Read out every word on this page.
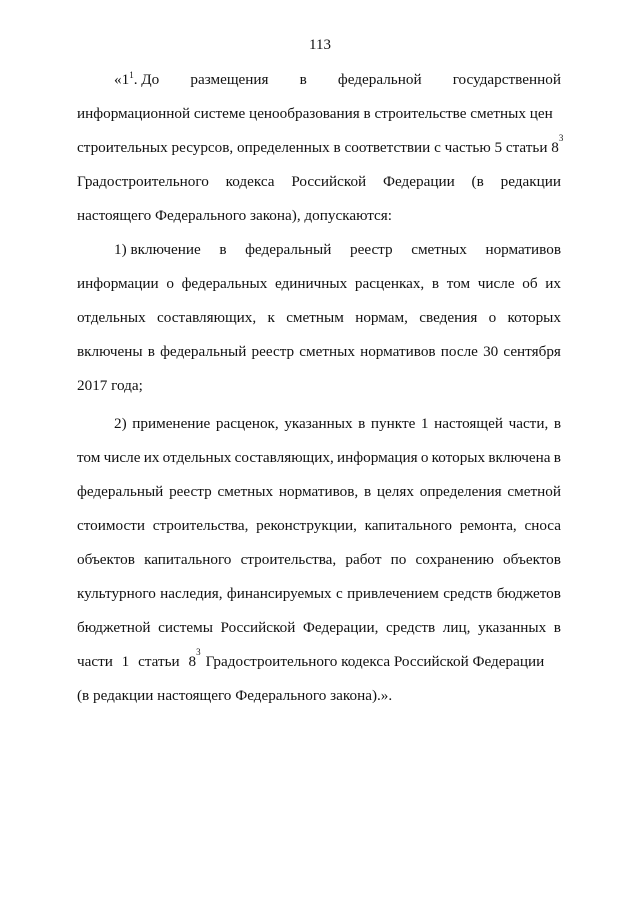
113
«$1^1$. До размещения в федеральной государственной
информационной системе ценообразования в строительстве сметных цен
строительных ресурсов, определенных в соответствии с частью 5 статьи 8
3
Градостроительного кодекса Российской Федерации (в редакции
настоящего Федерального закона), допускаются:
1) включение в федеральный реестр сметных нормативов
информации о федеральных единичных расценках, в том числе об их
отдельных составляющих, к сметным нормам, сведения о которых
включены в федеральный реестр сметных нормативов после 30 сентября
2017 года;
2) применение расценок, указанных в пункте 1 настоящей части, в
том числе их отдельных составляющих, информация о которых включена в
федеральный реестр сметных нормативов, в целях определения сметной
стоимости строительства, реконструкции, капитального ремонта, сноса
объектов капитального строительства, работ по сохранению объектов
культурного наследия, финансируемых с привлечением средств бюджетов
бюджетной системы Российской Федерации, средств лиц, указанных в
части 1 статьи 8
3
Градостроительного кодекса Российской Федерации
(в редакции настоящего Федерального закона).».
